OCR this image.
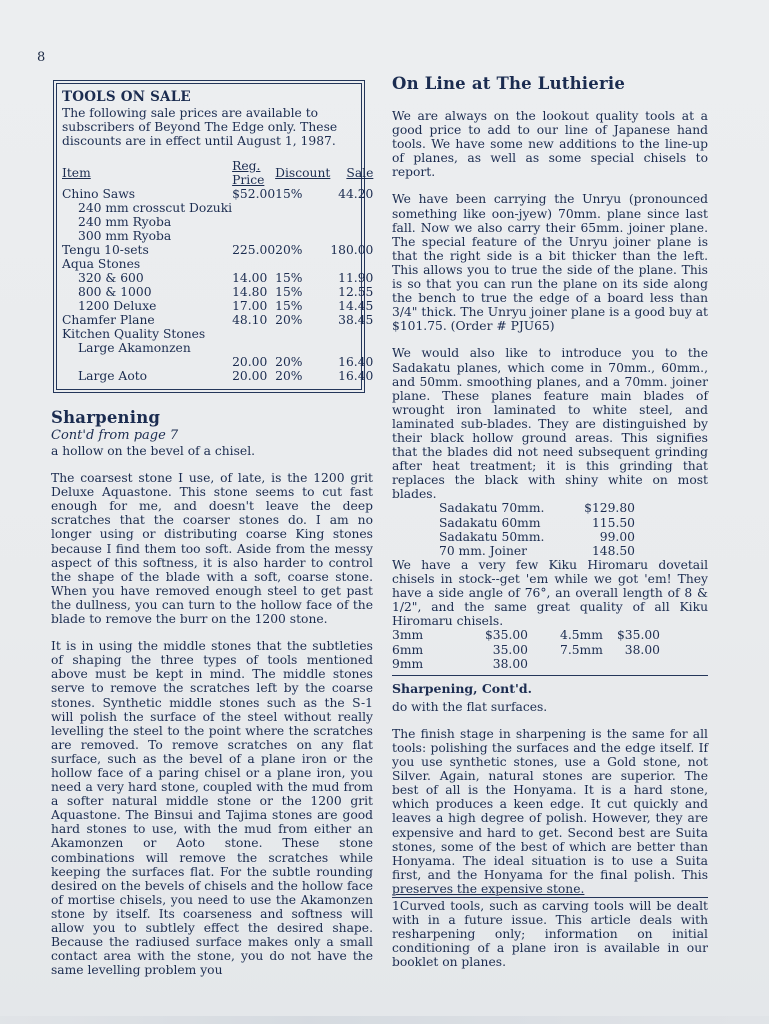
8
TOOLS ON SALE
The following sale prices are available to subscribers of Beyond The Edge only. These discounts are in effect until August 1, 1987.
Item	Reg. Price	Discount	Sale
Chino Saws	$52.00	15%	44.20
240 mm crosscut Dozuki			
240 mm Ryoba			
300 mm Ryoba			
Tengu 10-sets	225.00	20%	180.00
Aqua Stones			
320 & 600	14.00	15%	11.90
800 & 1000	14.80	15%	12.55
1200 Deluxe	17.00	15%	14.45
Chamfer Plane	48.10	20%	38.45
Kitchen Quality Stones			
Large Akamonzen			
	20.00	20%	16.40
Large Aoto	20.00	20%	16.40
Sharpening
Cont'd from page 7

a hollow on the bevel of a chisel.

The coarsest stone I use, of late, is the 1200 grit Deluxe Aquastone. This stone seems to cut fast enough for me, and doesn't leave the deep scratches that the coarser stones do. I am no longer using or distributing coarse King stones because I find them too soft. Aside from the messy aspect of this softness, it is also harder to control the shape of the blade with a soft, coarse stone. When you have removed enough steel to get past the dullness, you can turn to the hollow face of the blade to remove the burr on the 1200 stone.

It is in using the middle stones that the subtleties of shaping the three types of tools mentioned above must be kept in mind. The middle stones serve to remove the scratches left by the coarse stones. Synthetic middle stones such as the S-1 will polish the surface of the steel without really levelling the steel to the point where the scratches are removed. To remove scratches on any flat surface, such as the bevel of a plane iron or the hollow face of a paring chisel or a plane iron, you need a very hard stone, coupled with the mud from a softer natural middle stone or the 1200 grit Aquastone. The Binsui and Tajima stones are good hard stones to use, with the mud from either an Akamonzen or Aoto stone. These stone combinations will remove the scratches while keeping the surfaces flat. For the subtle rounding desired on the bevels of chisels and the hollow face of mortise chisels, you need to use the Akamonzen stone by itself. Its coarseness and softness will allow you to subtlely effect the desired shape. Because the radiused surface makes only a small contact area with the stone, you do not have the same levelling problem you

On Line at The Luthierie

We are always on the lookout quality tools at a good price to add to our line of Japanese hand tools. We have some new additions to the line-up of planes, as well as some special chisels to report.

We have been carrying the Unryu (pronounced something like oon-jyew) 70mm. plane since last fall. Now we also carry their 65mm. joiner plane. The special feature of the Unryu joiner plane is that the right side is a bit thicker than the left. This allows you to true the side of the plane. This is so that you can run the plane on its side along the bench to true the edge of a board less than 3/4" thick. The Unryu joiner plane is a good buy at $101.75. (Order # PJU65)

We would also like to introduce you to the Sadakatu planes, which come in 70mm., 60mm., and 50mm. smoothing planes, and a 70mm. joiner plane. These planes feature main blades of wrought iron laminated to white steel, and laminated sub-blades. They are distinguished by their black hollow ground areas. This signifies that the blades did not need subsequent grinding after heat treatment; it is this grinding that replaces the black with shiny white on most blades.

Sadakatu 70mm.	$129.80
Sadakatu 60mm	115.50
Sadakatu 50mm.	99.00
70 mm. Joiner	148.50

We have a very few Kiku Hiromaru dovetail chisels in stock--get 'em while we got 'em! They have a side angle of 76°, an overall length of 8 & 1/2", and the same great quality of all Kiku Hiromaru chisels.

3mm	$35.00	4.5mm	$35.00
6mm	35.00	7.5mm	38.00
9mm	38.00
Sharpening, Cont'd.

do with the flat surfaces.

The finish stage in sharpening is the same for all tools: polishing the surfaces and the edge itself. If you use synthetic stones, use a Gold stone, not Silver. Again, natural stones are superior. The best of all is the Honyama. It is a hard stone, which produces a keen edge. It cut quickly and leaves a high degree of polish. However, they are expensive and hard to get. Second best are Suita stones, some of the best of which are better than Honyama. The ideal situation is to use a Suita first, and the Honyama for the final polish. This preserves the expensive stone.

1Curved tools, such as carving tools will be dealt with in a future issue. This article deals with resharpening only; information on initial conditioning of a plane iron is available in our booklet on planes.
